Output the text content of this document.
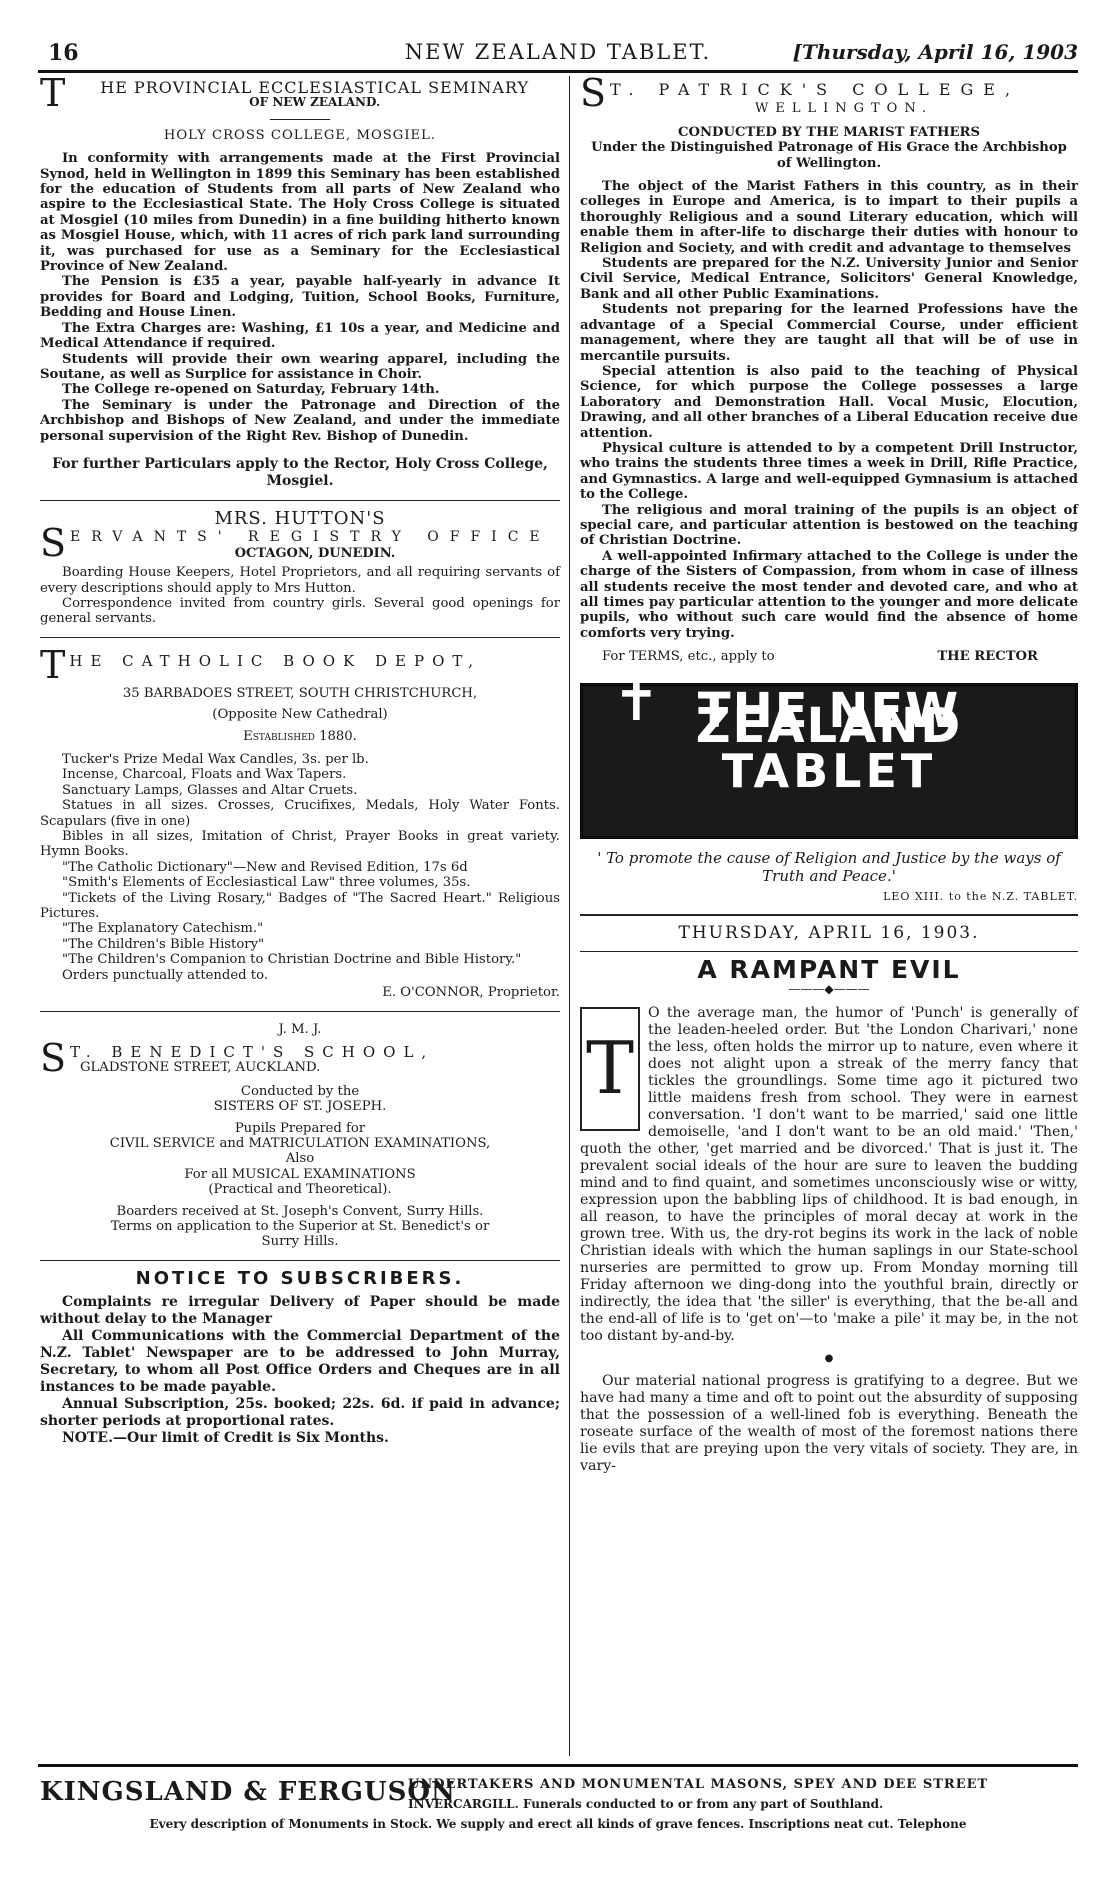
16	NEW ZEALAND TABLET.	[Thursday, April 16, 1903
T	HE PROVINCIAL ECCLESIASTICAL SEMINARY
OF NEW ZEALAND.
HOLY CROSS COLLEGE, MOSGIEL.

In conformity with arrangements made at the First Provincial Synod, held in Wellington in 1899 this Seminary has been established for the education of Students from all parts of New Zealand who aspire to the Ecclesiastical State. The Holy Cross College is situated at Mosgiel (10 miles from Dunedin) in a fine building hitherto known as Mosgiel House, which, with 11 acres of rich park land surrounding it, was purchased for use as a Seminary for the Ecclesiastical Province of New Zealand.

The Pension is £35 a year, payable half-yearly in advance It provides for Board and Lodging, Tuition, School Books, Furniture, Bedding and House Linen.

The Extra Charges are: Washing, £1 10s a year, and Medicine and Medical Attendance if required.

Students will provide their own wearing apparel, including the Soutane, as well as Surplice for assistance in Choir.

The College re-opened on Saturday, February 14th.

The Seminary is under the Patronage and Direction of the Archbishop and Bishops of New Zealand, and under the immediate personal supervision of the Right Rev. Bishop of Dunedin.

For further Particulars apply to the Rector, Holy Cross College, Mosgiel.

MRS. HUTTON'S
S ERVANTS' REGISTRY OFFICE
OCTAGON, DUNEDIN.

Boarding House Keepers, Hotel Proprietors, and all requiring servants of every descriptions should apply to Mrs Hutton.

Correspondence invited from country girls. Several good openings for general servants.

T HE CATHOLIC BOOK DEPOT,
35 BARBADOES STREET, SOUTH CHRISTCHURCH,
(Opposite New Cathedral)
Established 1880.

Tucker's Prize Medal Wax Candles, 3s. per lb.

Incense, Charcoal, Floats and Wax Tapers.

Sanctuary Lamps, Glasses and Altar Cruets.

Statues in all sizes. Crosses, Crucifixes, Medals, Holy Water Fonts. Scapulars (five in one)

Bibles in all sizes, Imitation of Christ, Prayer Books in great variety. Hymn Books.

"The Catholic Dictionary"—New and Revised Edition, 17s 6d

"Smith's Elements of Ecclesiastical Law" three volumes, 35s.

"Tickets of the Living Rosary," Badges of "The Sacred Heart." Religious Pictures.

"The Explanatory Catechism."

"The Children's Bible History"

"The Children's Companion to Christian Doctrine and Bible History."

Orders punctually attended to.

E. O'CONNOR, Proprietor.
J. M. J.
S T. BENEDICT'S SCHOOL,
GLADSTONE STREET, AUCKLAND.
Conducted by the
SISTERS OF ST. JOSEPH.
Pupils Prepared for
CIVIL SERVICE and MATRICULATION EXAMINATIONS,
Also
For all MUSICAL EXAMINATIONS
(Practical and Theoretical).

Boarders received at St. Joseph's Convent, Surry Hills. Terms on application to the Superior at St. Benedict's or Surry Hills.

NOTICE TO SUBSCRIBERS.

Complaints re irregular Delivery of Paper should be made without delay to the Manager

All Communications with the Commercial Department of the N.Z. Tablet' Newspaper are to be addressed to John Murray, Secretary, to whom all Post Office Orders and Cheques are in all instances to be made payable.

Annual Subscription, 25s. booked; 22s. 6d. if paid in advance; shorter periods at proportional rates.

NOTE.—Our limit of Credit is Six Months.

S T. PATRICK'S COLLEGE,
WELLINGTON.
CONDUCTED BY THE MARIST FATHERS

Under the Distinguished Patronage of His Grace the Archbishop of Wellington.

The object of the Marist Fathers in this country, as in their colleges in Europe and America, is to impart to their pupils a thoroughly Religious and a sound Literary education, which will enable them in after-life to discharge their duties with honour to Religion and Society, and with credit and advantage to themselves

Students are prepared for the N.Z. University Junior and Senior Civil Service, Medical Entrance, Solicitors' General Knowledge, Bank and all other Public Examinations.

Students not preparing for the learned Professions have the advantage of a Special Commercial Course, under efficient management, where they are taught all that will be of use in mercantile pursuits.

Special attention is also paid to the teaching of Physical Science, for which purpose the College possesses a large Laboratory and Demonstration Hall. Vocal Music, Elocution, Drawing, and all other branches of a Liberal Education receive due attention.

Physical culture is attended to by a competent Drill Instructor, who trains the students three times a week in Drill, Rifle Practice, and Gymnastics. A large and well-equipped Gymnasium is attached to the College.

The religious and moral training of the pupils is an object of special care, and particular attention is bestowed on the teaching of Christian Doctrine.

A well-appointed Infirmary attached to the College is under the charge of the Sisters of Compassion, from whom in case of illness all students receive the most tender and devoted care, and who at all times pay particular attention to the younger and more delicate pupils, who without such care would find the absence of home comforts very trying.

For TERMS, etc., apply to	THE RECTOR
✝ THE NEW ZEALAND
TABLET

' To promote the cause of Religion and Justice by the ways of Truth and Peace.'

LEO XIII. to the N.Z. TABLET.
THURSDAY, APRIL 16, 1903.
A RAMPANT EVIL
———◆———
T

O the average man, the humor of 'Punch' is generally of the leaden-heeled order. But 'the London Charivari,' none the less, often holds the mirror up to nature, even where it does not alight upon a streak of the merry fancy that tickles the groundlings. Some time ago it pictured two little maidens fresh from school. They were in earnest conversation. 'I don't want to be married,' said one little demoiselle, 'and I don't want to be an old maid.' 'Then,' quoth the other, 'get married and be divorced.' That is just it. The prevalent social ideals of the hour are sure to leaven the budding mind and to find quaint, and sometimes unconsciously wise or witty, expression upon the babbling lips of childhood. It is bad enough, in all reason, to have the principles of moral decay at work in the grown tree. With us, the dry-rot begins its work in the lack of noble Christian ideals with which the human saplings in our State-school nurseries are permitted to grow up. From Monday morning till Friday afternoon we ding-dong into the youthful brain, directly or indirectly, the idea that 'the siller' is everything, that the be-all and the end-all of life is to 'get on'—to 'make a pile' it may be, in the not too distant by-and-by.

●

Our material national progress is gratifying to a degree. But we have had many a time and oft to point out the absurdity of supposing that the possession of a well-lined fob is everything. Beneath the roseate surface of the wealth of most of the foremost nations there lie evils that are preying upon the very vitals of society. They are, in vary-

KINGSLAND & FERGUSON
UNDERTAKERS AND MONUMENTAL MASONS, SPEY AND DEE STREET
INVERCARGILL. Funerals conducted to or from any part of Southland.
Every description of Monuments in Stock. We supply and erect all kinds of grave fences. Inscriptions neat cut. Telephone
